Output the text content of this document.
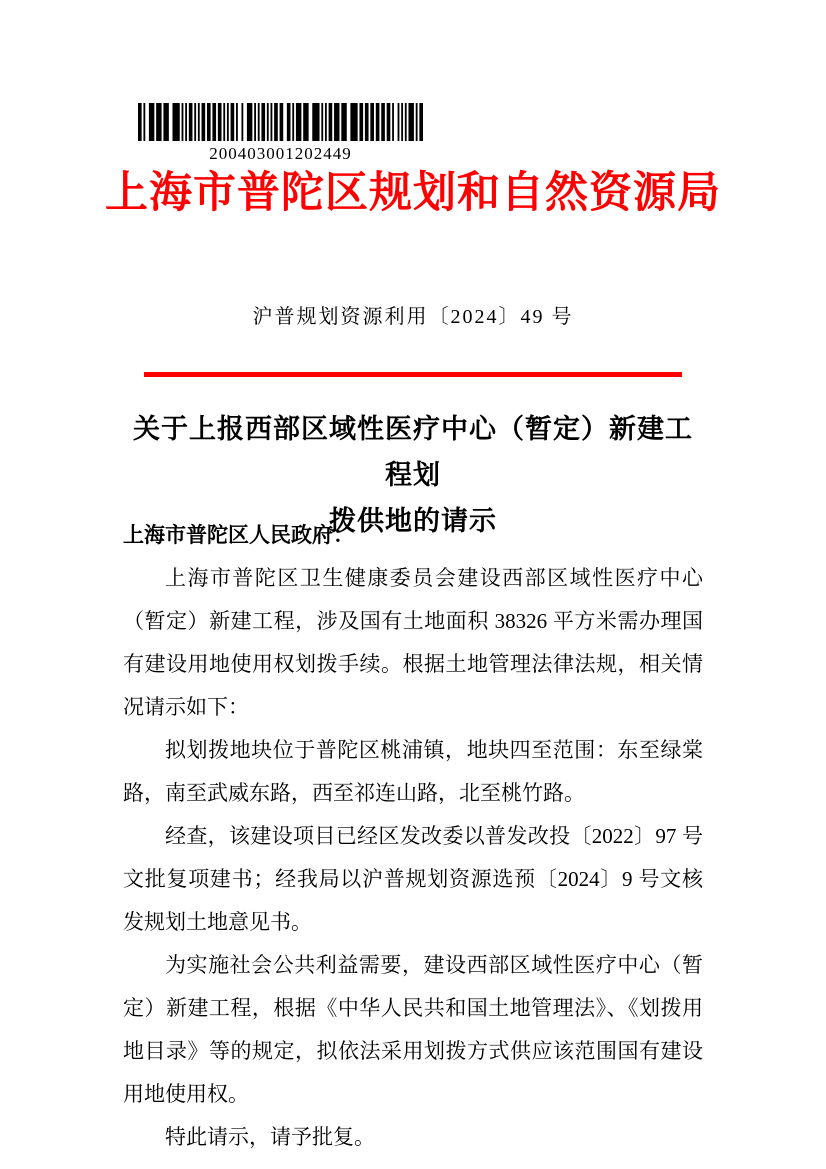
200403001202449
上海市普陀区规划和自然资源局
沪普规划资源利用〔2024〕49 号
关于上报西部区域性医疗中心（暂定）新建工程划
拨供地的请示
上海市普陀区人民政府：

上海市普陀区卫生健康委员会建设西部区域性医疗中心（暂定）新建工程，涉及国有土地面积 38326 平方米需办理国有建设用地使用权划拨手续。根据土地管理法律法规，相关情况请示如下：

拟划拨地块位于普陀区桃浦镇，地块四至范围：东至绿棠路，南至武威东路，西至祁连山路，北至桃竹路。

经查，该建设项目已经区发改委以普发改投〔2022〕97 号文批复项建书；经我局以沪普规划资源选预〔2024〕9 号文核发规划土地意见书。

为实施社会公共利益需要，建设西部区域性医疗中心（暂定）新建工程，根据《中华人民共和国土地管理法》、《划拨用地目录》等的规定，拟依法采用划拨方式供应该范围国有建设用地使用权。

特此请示，请予批复。
